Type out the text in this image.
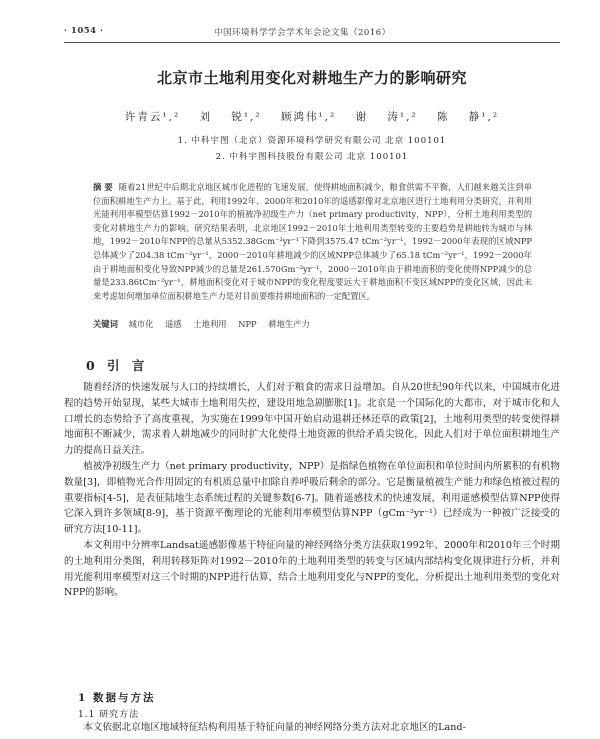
· 1054 ·	中国环境科学学会学术年会论文集（2016）
北京市土地利用变化对耕地生产力的影响研究
许青云¹,² 刘 锐¹,² 顾鸿伟¹,² 谢 涛¹,² 陈 静¹,²
1. 中科宇图（北京）资源环境科学研究有限公司 北京 100101
2. 中科宇图科技股份有限公司 北京 100101
摘 要 随着21世纪中后期北京地区城市化进程的飞速发展，使得耕地面积减少，粮食供需不平衡，人们越来越关注到单位面积耕地生产力上。基于此，利用1992年、2000年和2010年的遥感影像对北京地区进行土地利用分类研究，并利用光能利用率模型估算1992－2010年的植被净初级生产力（net primary productivity，NPP），分析土地利用类型的变化对耕地生产力的影响。研究结果表明，北京地区1992－2010年土地利用类型转变的主要趋势是耕地转为城市与林地，1992－2010年NPP的总量从5352.38Gcm⁻²yr⁻¹下降到3575.47 tCm⁻²yr⁻¹，1992－2000年表现的区域NPP总体减少了204.38 tCm⁻²yr⁻¹，2000－2010年耕地减少的区域NPP总体减少了65.18 tCm⁻²yr⁻¹，1992－2000年由于耕地面积变化导致NPP减少的总量是261.570Gm⁻²yr⁻¹，2000－2010年由于耕地面积的变化使得NPP减少的总量是233.86tCm⁻²yr⁻¹，耕地面积变化对于城市NPP的变化程度要远大于耕地面积不变区域NPP的变化区域，因此未来考虑如何增加单位面积耕地生产力是对目前要维持耕地面积的一定配置区。
关键词 城市化 遥感 土地利用 NPP 耕地生产力
0 引 言

随着经济的快速发展与人口的持续增长，人们对于粮食的需求日益增加。自从20世纪90年代以来，中国城市化进程的趋势开始显现，某些大城市土地利用失控，建设用地急剧膨胀[1]。北京是一个国际化的大都市，对于城市化和人口增长的态势给予了高度重视，为实施在1999年中国开始启动退耕还林还草的政策[2]，土地利用类型的转变使得耕地面积不断减少，需求着人耕地减少的同时扩大化使得土地资源的供给矛盾尖锐化，因此人们对于单位面积耕地生产力的提高日益关注。

植被净初级生产力（net primary productivity，NPP）是指绿色植物在单位面积和单位时间内所累积的有机物数量[3]，即植物光合作用固定的有机质总量中扣除自养呼吸后剩余的部分。它是衡量植被生产能力和绿色植被过程的重要指标[4-5]，是表征陆地生态系统过程的关键参数[6-7]。随着遥感技术的快速发展，利用遥感模型估算NPP使得它深入到许多领域[8-9]，基于资源平衡理论的光能利用率模型估算NPP（gCm⁻²yr⁻¹）已经成为一种被广泛接受的研究方法[10-11]。

本文利用中分辨率Landsat遥感影像基于特征向量的神经网络分类方法获取1992年、2000年和2010年三个时期的土地利用分类图，利用转移矩阵对1992－2010年的土地利用类型的转变与区域内部结构变化规律进行分析，并利用光能利用率模型对这三个时期的NPP进行估算，结合土地利用变化与NPP的变化，分析提出土地利用类型的变化对NPP的影响。

1 数据与方法
1.1 研究方法

本文依据北京地区地域特征结构利用基于特征向量的神经网络分类方法对北京地区的Land-
